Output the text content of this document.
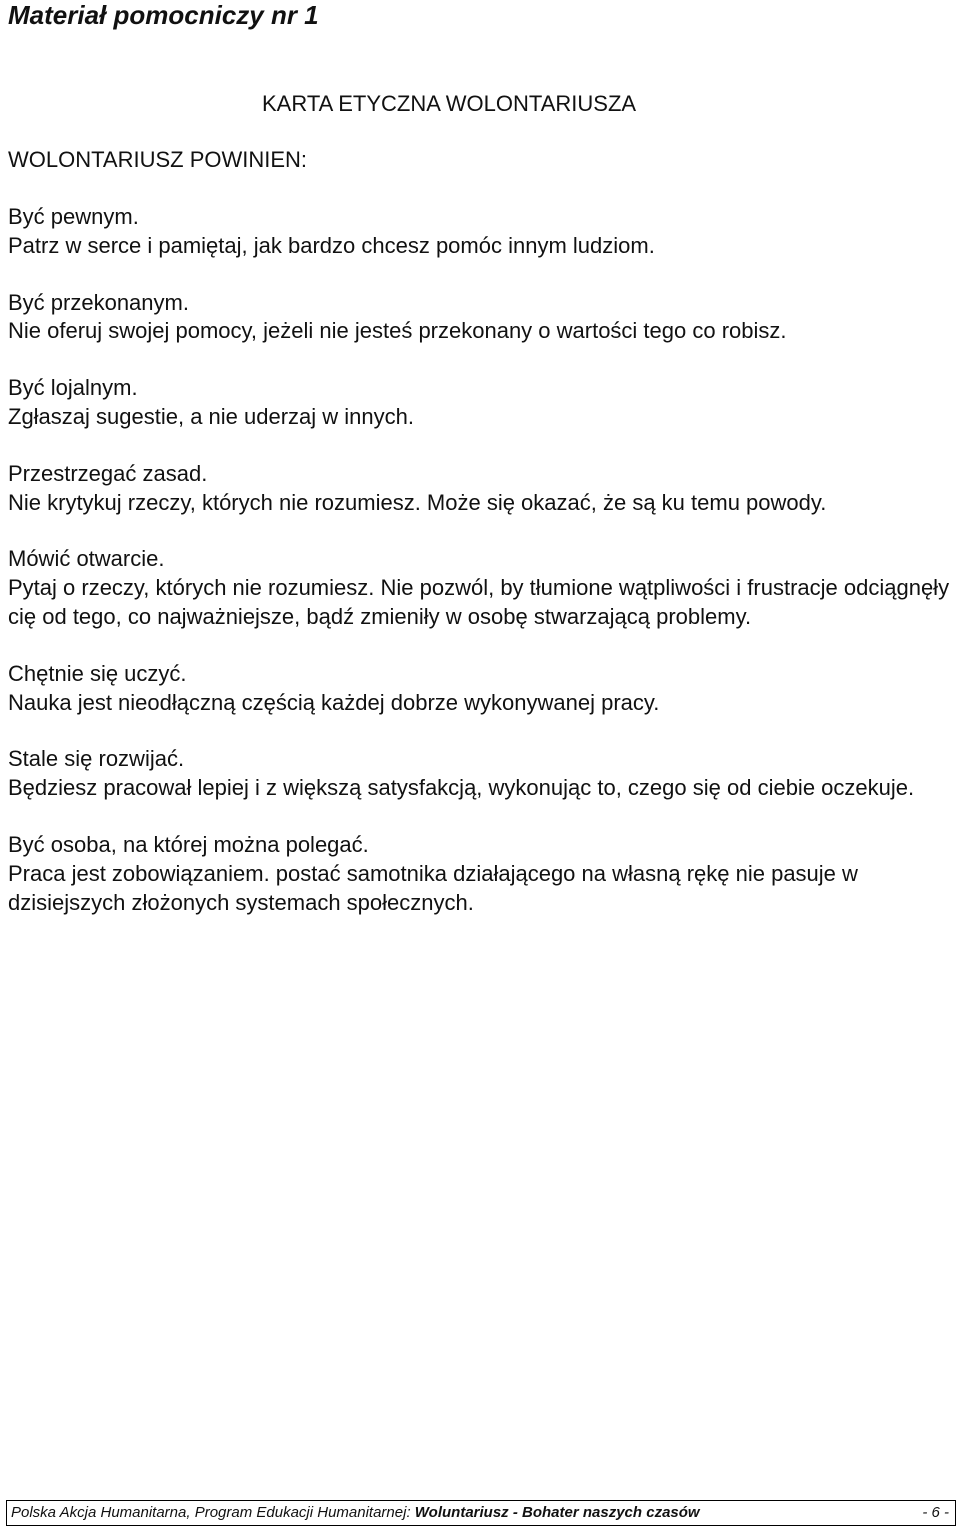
Materiał pomocniczy nr 1
KARTA ETYCZNA WOLONTARIUSZA

WOLONTARIUSZ POWINIEN:

Być pewnym.
Patrz w serce i pamiętaj, jak bardzo chcesz pomóc innym ludziom.
Być przekonanym.
Nie oferuj swojej pomocy, jeżeli nie jesteś przekonany o wartości tego co robisz.
Być lojalnym.
Zgłaszaj sugestie, a nie uderzaj w innych.
Przestrzegać zasad.
Nie krytykuj rzeczy, których nie rozumiesz. Może się okazać, że są ku temu powody.
Mówić otwarcie.
Pytaj o rzeczy, których nie rozumiesz. Nie pozwól, by tłumione wątpliwości i frustracje odciągnęły cię od tego, co najważniejsze, bądź zmieniły w osobę stwarzającą problemy.
Chętnie się uczyć.
Nauka jest nieodłączną częścią każdej dobrze wykonywanej pracy.
Stale się rozwijać.
Będziesz pracował lepiej i z większą satysfakcją, wykonując to, czego się od ciebie oczekuje.
Być osoba, na której można polegać.
Praca jest zobowiązaniem. postać samotnika działającego na własną rękę nie pasuje w dzisiejszych złożonych systemach społecznych.
Polska Akcja Humanitarna, Program Edukacji Humanitarnej: Woluntariusz - Bohater naszych czasów	- 6 -
